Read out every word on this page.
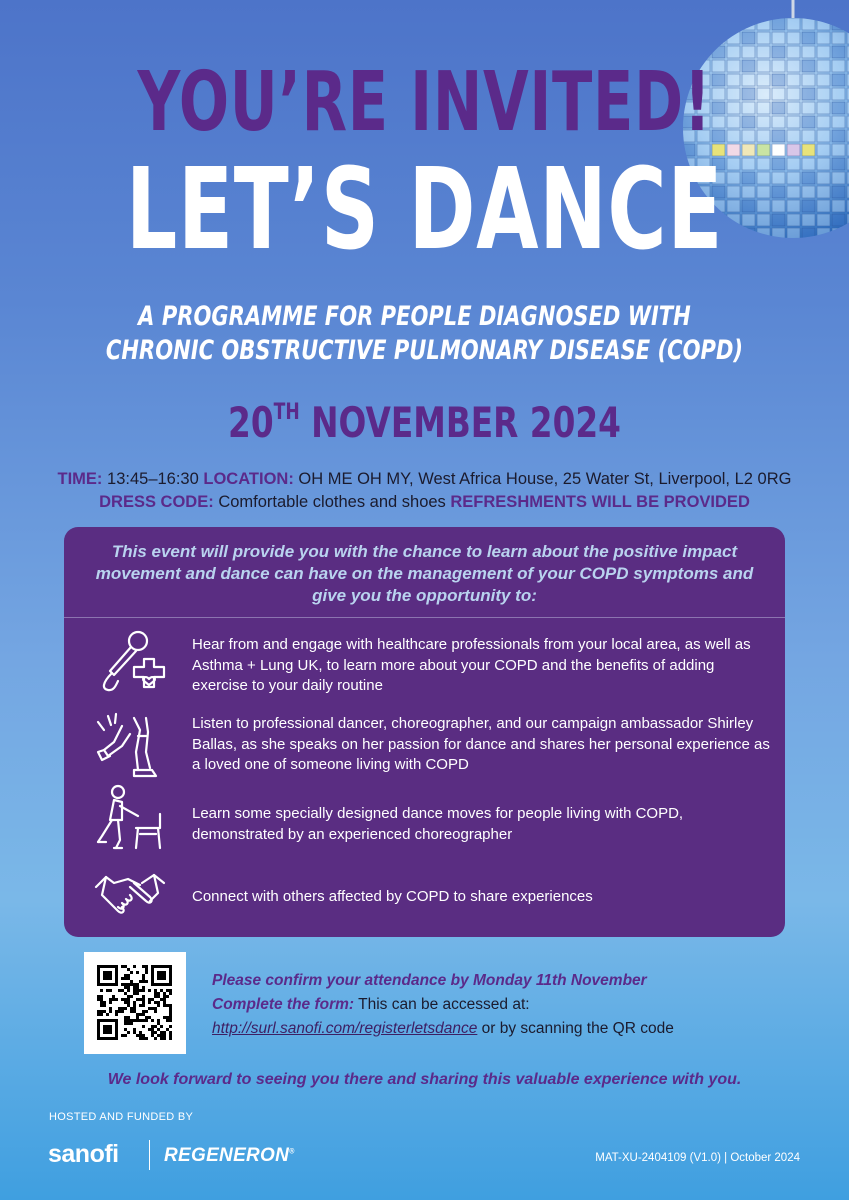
YOU’RE INVITED!
LET’S DANCE
A PROGRAMME FOR PEOPLE DIAGNOSED WITH
CHRONIC OBSTRUCTIVE PULMONARY DISEASE (COPD)
20TH NOVEMBER 2024
TIME: 13:45–16:30 LOCATION: OH ME OH MY, West Africa House, 25 Water St, Liverpool, L2 0RG
DRESS CODE: Comfortable clothes and shoes REFRESHMENTS WILL BE PROVIDED
This event will provide you with the chance to learn about the positive impact movement and dance can have on the management of your COPD symptoms and give you the opportunity to:
Hear from and engage with healthcare professionals from your local area, as well as Asthma + Lung UK, to learn more about your COPD and the benefits of adding exercise to your daily routine
Listen to professional dancer, choreographer, and our campaign ambassador Shirley Ballas, as she speaks on her passion for dance and shares her personal experience as a loved one of someone living with COPD
Learn some specially designed dance moves for people living with COPD, demonstrated by an experienced choreographer
Connect with others affected by COPD to share experiences
Please confirm your attendance by Monday 11th November
Complete the form: This can be accessed at:
http://surl.sanofi.com/registerletsdance or by scanning the QR code
We look forward to seeing you there and sharing this valuable experience with you.
HOSTED AND FUNDED BY
sanofi REGENERON®	MAT-XU-2404109 (V1.0) | October 2024
